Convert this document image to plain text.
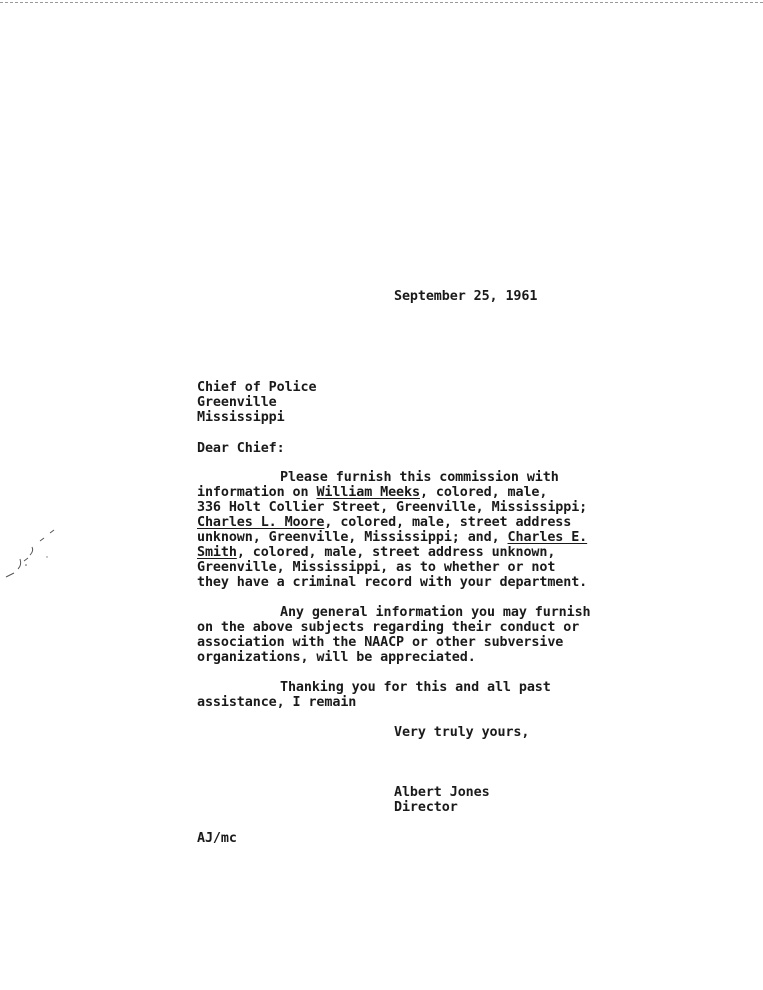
September 25, 1961
Chief of Police
Greenville
Mississippi
Dear Chief:
Please furnish this commission with
information on William Meeks, colored, male,
336 Holt Collier Street, Greenville, Mississippi;
Charles L. Moore, colored, male, street address
unknown, Greenville, Mississippi; and, Charles E.
Smith, colored, male, street address unknown,
Greenville, Mississippi, as to whether or not
they have a criminal record with your department.
Any general information you may furnish
on the above subjects regarding their conduct or
association with the NAACP or other subversive
organizations, will be appreciated.
Thanking you for this and all past
assistance, I remain
Very truly yours,
Albert Jones
Director
AJ/mc
